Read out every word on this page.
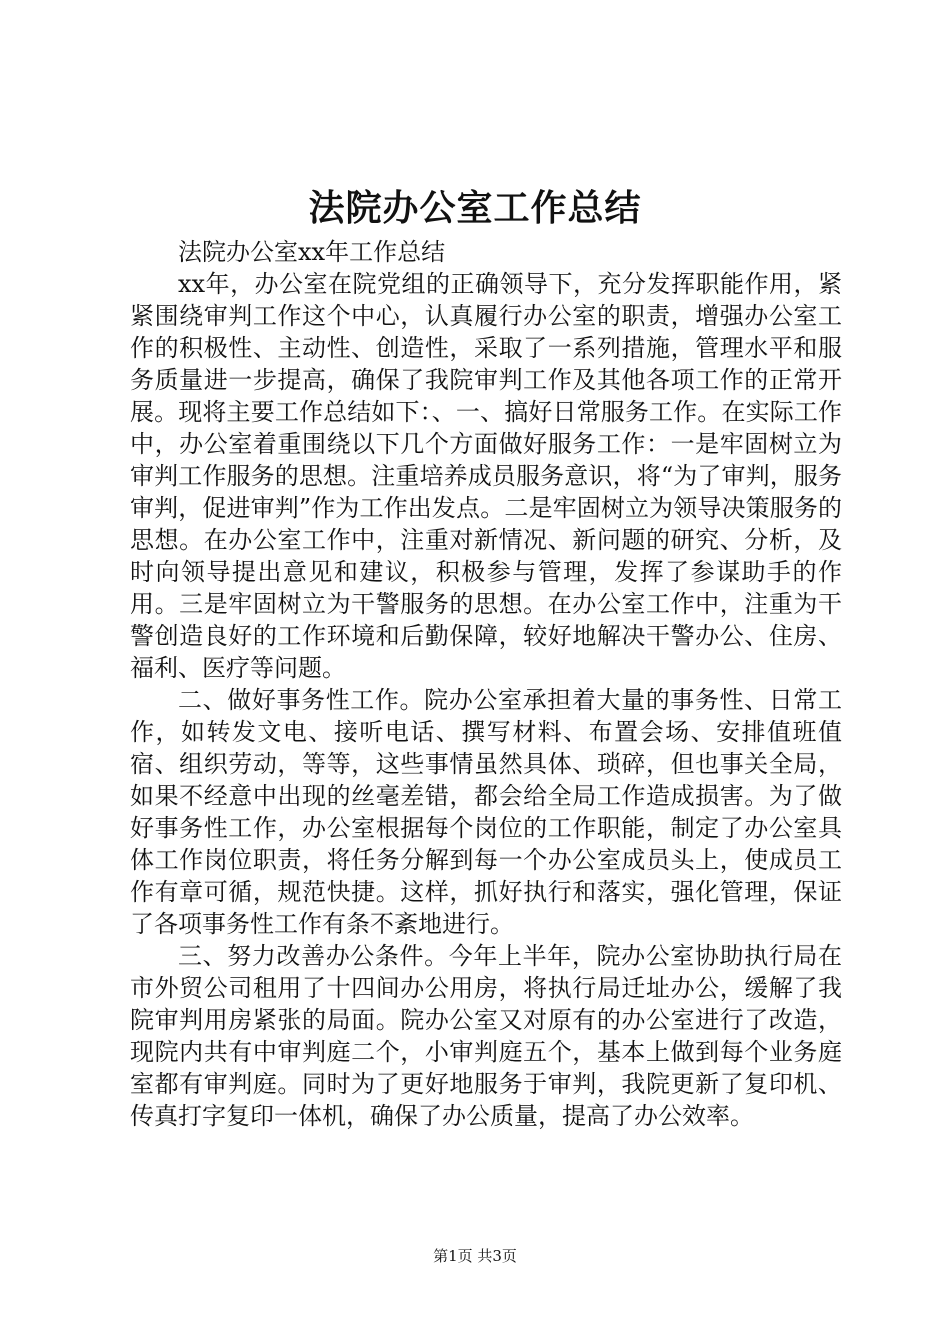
法院办公室工作总结

法院办公室xx年工作总结

xx年，办公室在院党组的正确领导下，充分发挥职能作用，紧紧围绕审判工作这个中心，认真履行办公室的职责，增强办公室工作的积极性、主动性、创造性，采取了一系列措施，管理水平和服务质量进一步提高，确保了我院审判工作及其他各项工作的正常开展。现将主要工作总结如下：、一、搞好日常服务工作。在实际工作中，办公室着重围绕以下几个方面做好服务工作：一是牢固树立为审判工作服务的思想。注重培养成员服务意识，将“为了审判，服务审判，促进审判”作为工作出发点。二是牢固树立为领导决策服务的思想。在办公室工作中，注重对新情况、新问题的研究、分析，及时向领导提出意见和建议，积极参与管理，发挥了参谋助手的作用。三是牢固树立为干警服务的思想。在办公室工作中，注重为干警创造良好的工作环境和后勤保障，较好地解决干警办公、住房、福利、医疗等问题。

二、做好事务性工作。院办公室承担着大量的事务性、日常工作，如转发文电、接听电话、撰写材料、布置会场、安排值班值宿、组织劳动，等等，这些事情虽然具体、琐碎，但也事关全局，如果不经意中出现的丝毫差错，都会给全局工作造成损害。为了做好事务性工作，办公室根据每个岗位的工作职能，制定了办公室具体工作岗位职责，将任务分解到每一个办公室成员头上，使成员工作有章可循，规范快捷。这样，抓好执行和落实，强化管理，保证了各项事务性工作有条不紊地进行。

三、努力改善办公条件。今年上半年，院办公室协助执行局在市外贸公司租用了十四间办公用房，将执行局迁址办公，缓解了我院审判用房紧张的局面。院办公室又对原有的办公室进行了改造，现院内共有中审判庭二个，小审判庭五个，基本上做到每个业务庭室都有审判庭。同时为了更好地服务于审判，我院更新了复印机、传真打字复印一体机，确保了办公质量，提高了办公效率。

第1页 共3页
